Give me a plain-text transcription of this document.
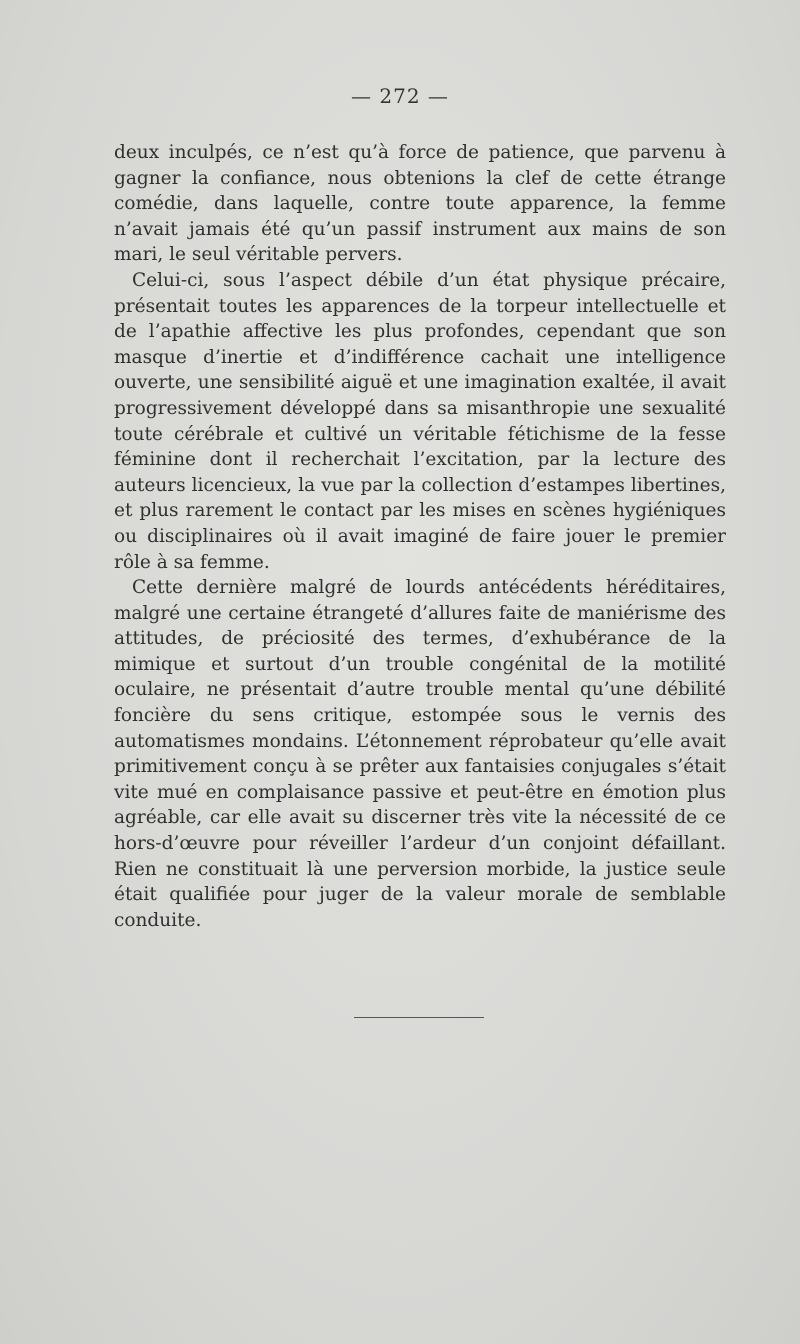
— 272 —

deux inculpés, ce n’est qu’à force de patience, que parvenu à gagner la confiance, nous obtenions la clef de cette étrange comédie, dans laquelle, contre toute apparence, la femme n’avait jamais été qu’un passif instrument aux mains de son mari, le seul véritable pervers.

Celui-ci, sous l’aspect débile d’un état physique précaire, présentait toutes les apparences de la torpeur intellectuelle et de l’apathie affective les plus profondes, cependant que son masque d’inertie et d’indifférence cachait une intelligence ouverte, une sensibilité aiguë et une imagination exaltée, il avait progressivement développé dans sa misanthropie une sexualité toute cérébrale et cultivé un véritable fétichisme de la fesse féminine dont il recherchait l’excitation, par la lecture des auteurs licencieux, la vue par la collection d’estampes libertines, et plus rarement le contact par les mises en scènes hygiéniques ou disciplinaires où il avait imaginé de faire jouer le premier rôle à sa femme.

Cette dernière malgré de lourds antécédents héréditaires, malgré une certaine étrangeté d’allures faite de maniérisme des attitudes, de préciosité des termes, d’exhubérance de la mimique et surtout d’un trouble congénital de la motilité oculaire, ne présentait d’autre trouble mental qu’une débilité foncière du sens critique, estompée sous le vernis des automatismes mondains. L’étonnement réprobateur qu’elle avait primitivement conçu à se prêter aux fantaisies conjugales s’était vite mué en complaisance passive et peut-être en émotion plus agréable, car elle avait su discerner très vite la nécessité de ce hors-d’œuvre pour réveiller l’ardeur d’un conjoint défaillant. Rien ne constituait là une perversion morbide, la justice seule était qualifiée pour juger de la valeur morale de semblable conduite.
